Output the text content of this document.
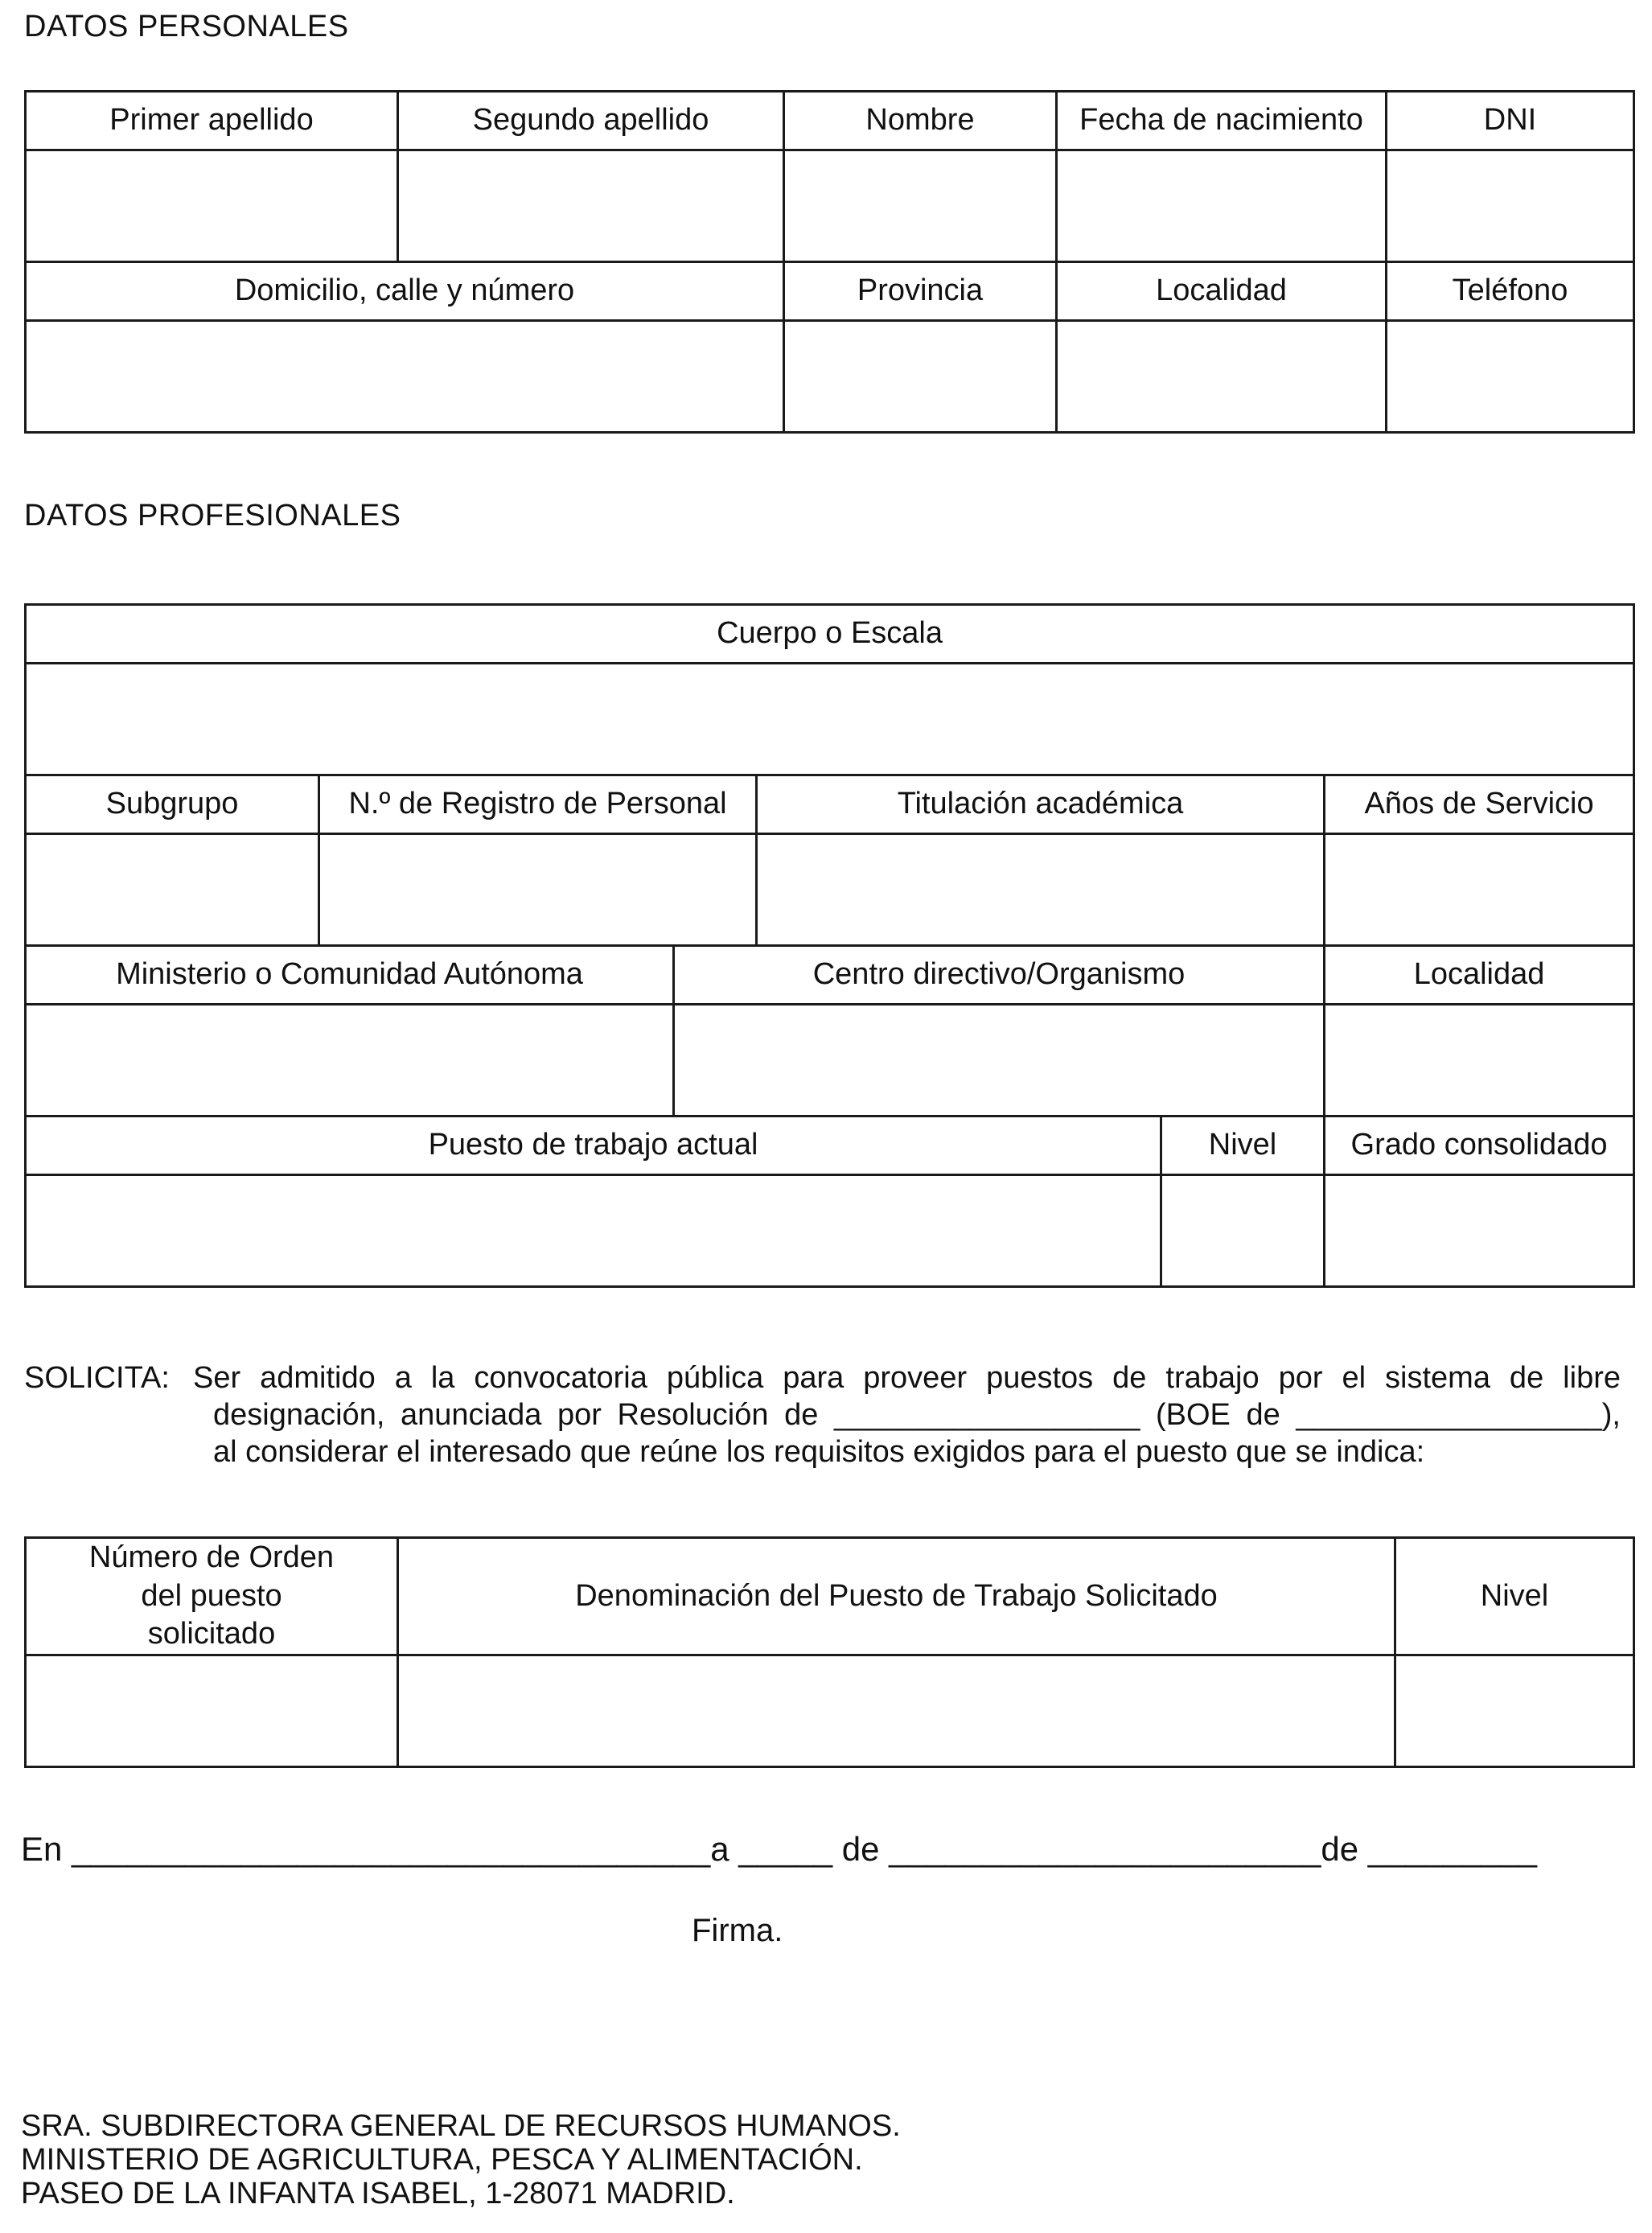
DATOS PERSONALES
Primer apellido	Segundo apellido	Nombre	Fecha de nacimiento	DNI

Domicilio, calle y número		Provincia	Localidad	Teléfono

DATOS PROFESIONALES
Cuerpo o Escala					

Subgrupo	N.º de Registro de Personal		Titulación académica		Años de Servicio

Ministerio o Comunidad Autónoma		Centro directivo/Organismo			Localidad

Puesto de trabajo actual				Nivel	Grado consolidado

SOLICITA: Ser admitido a la convocatoria pública para proveer puestos de trabajo por el sistema de libre
designación, anunciada por Resolución de __________________ (BOE de __________________),
al considerar el interesado que reúne los requisitos exigidos para el puesto que se indica:
Número de Orden del puesto solicitado	Denominación del Puesto de Trabajo Solicitado	Nivel

En __________________________________a _____ de _______________________de _________
Firma.
SRA. SUBDIRECTORA GENERAL DE RECURSOS HUMANOS.
MINISTERIO DE AGRICULTURA, PESCA Y ALIMENTACIÓN.
PASEO DE LA INFANTA ISABEL, 1-28071 MADRID.
